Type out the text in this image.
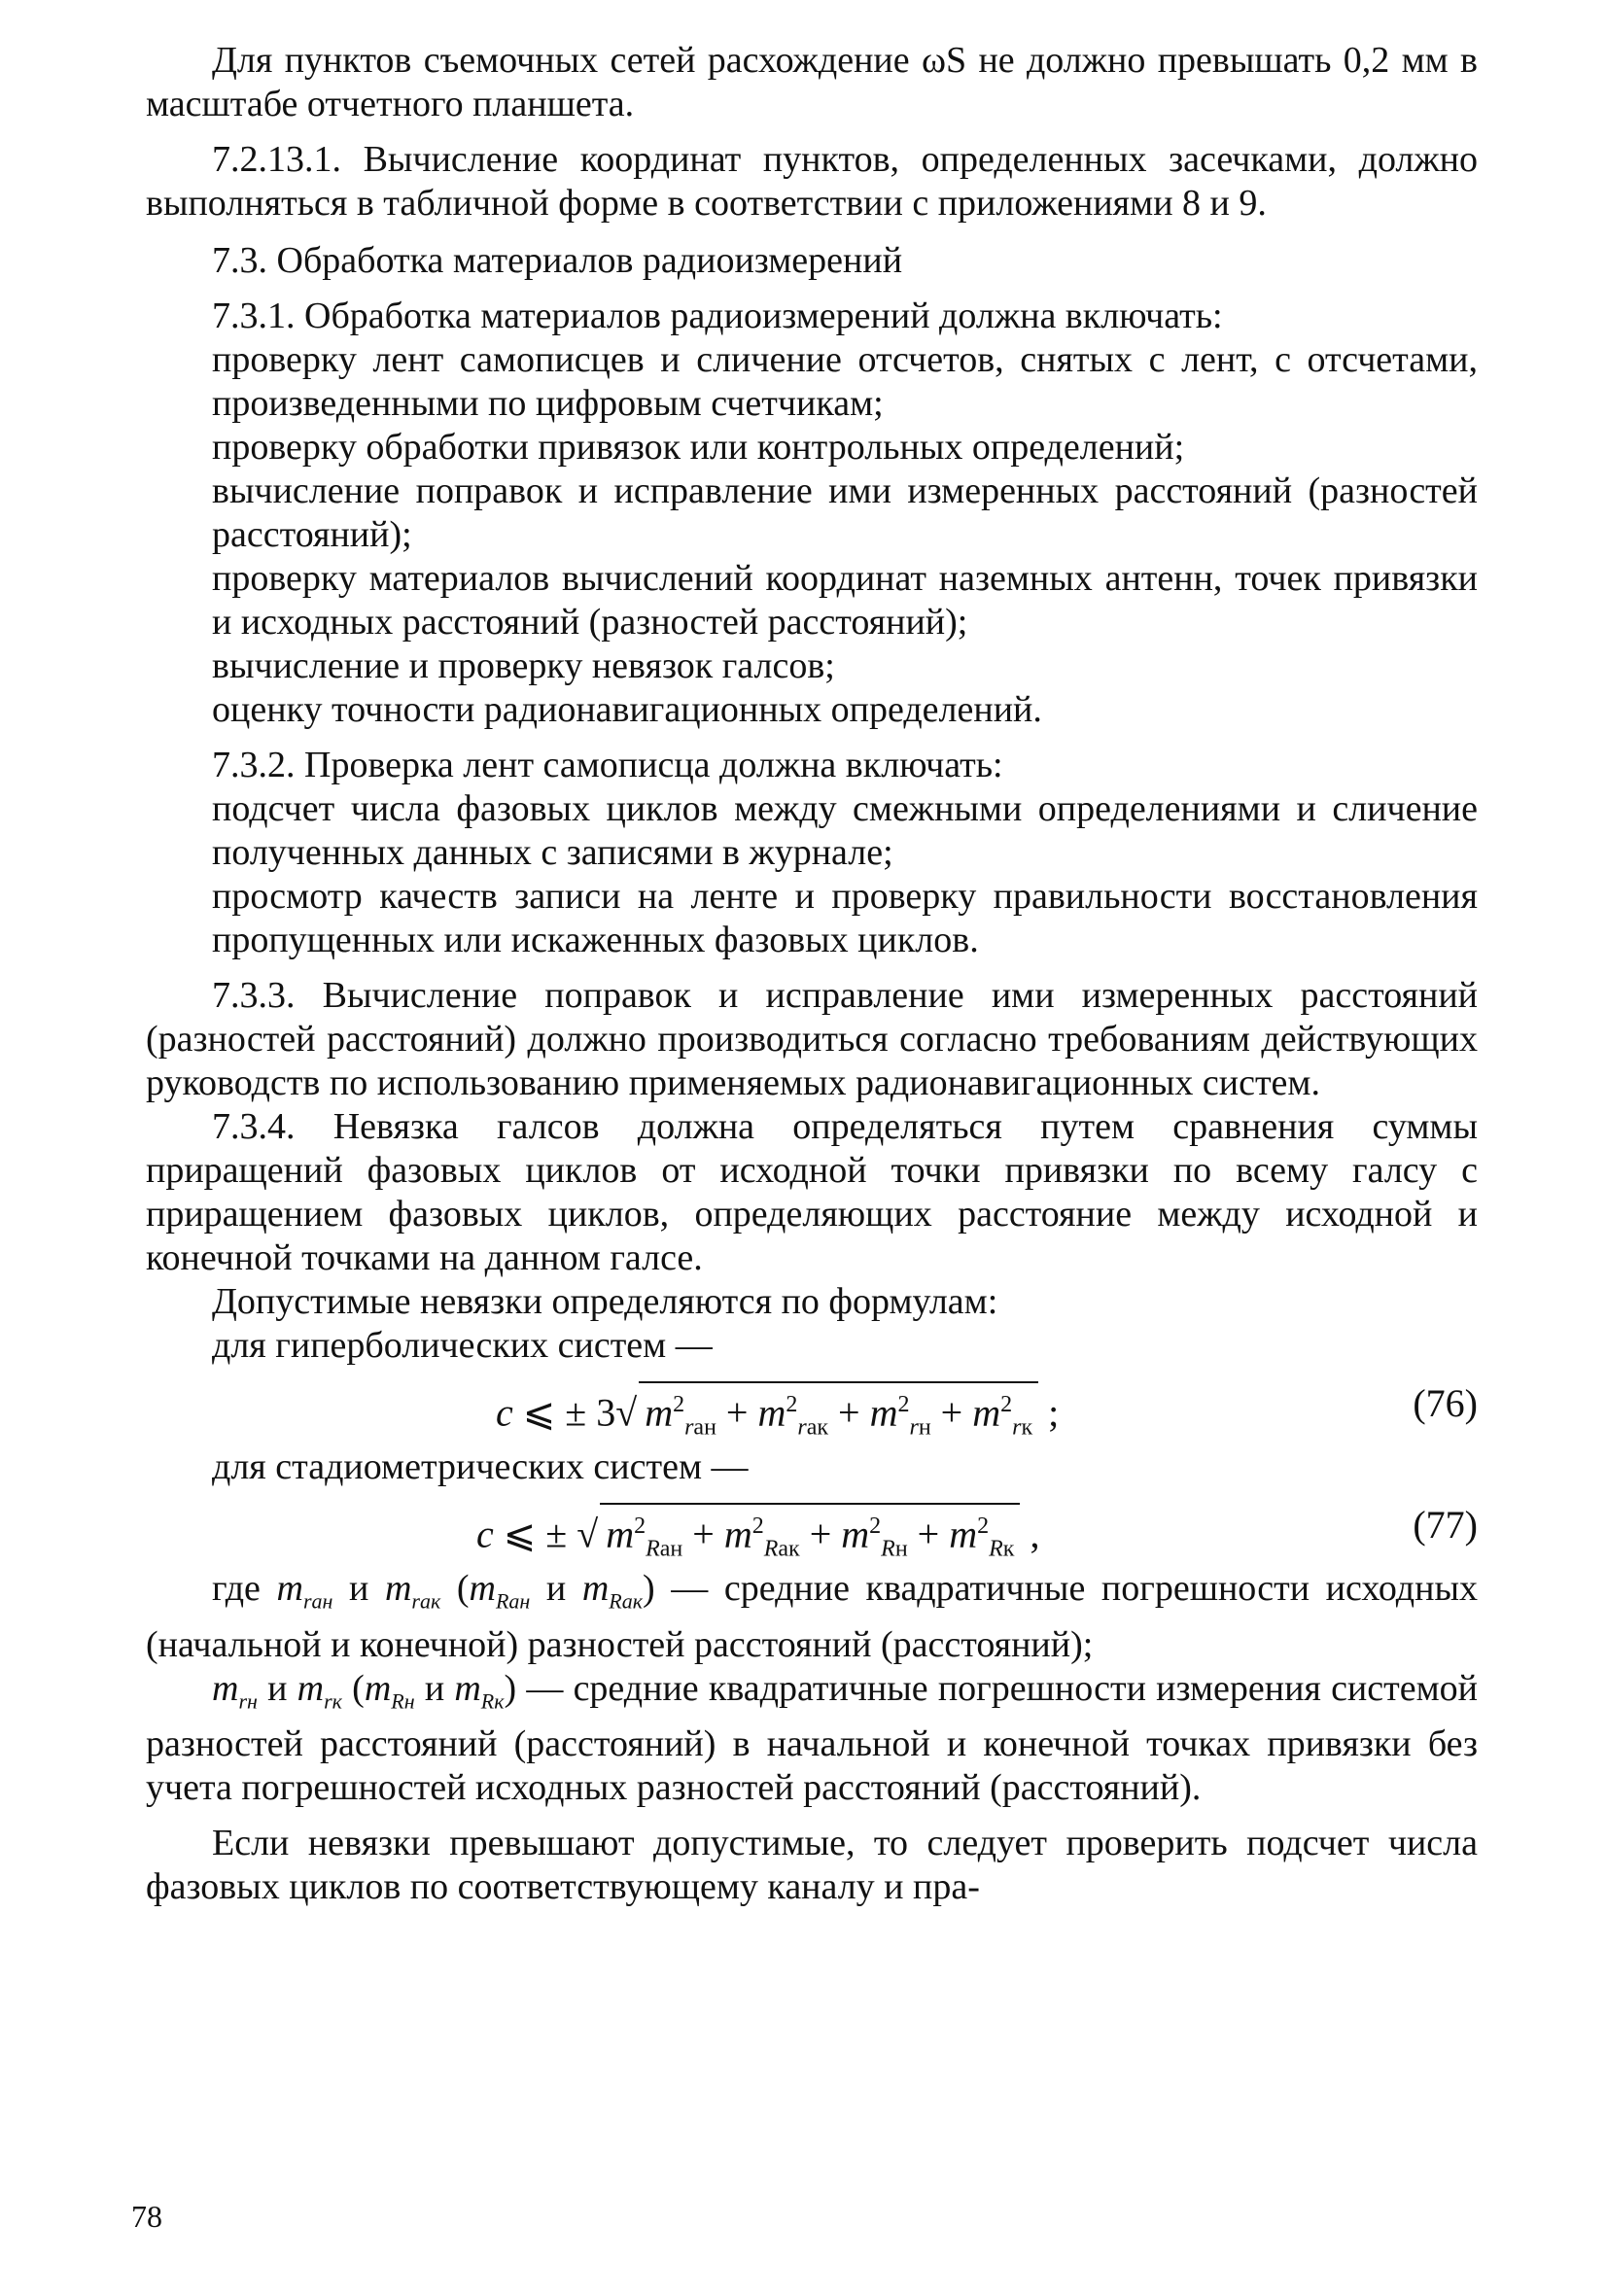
Для пунктов съемочных сетей расхождение ωS не должно превышать 0,2 мм в масштабе отчетного планшета.

7.2.13.1. Вычисление координат пунктов, определенных засечками, должно выполняться в табличной форме в соответствии с приложениями 8 и 9.

7.3. Обработка материалов радиоизмерений

7.3.1. Обработка материалов радиоизмерений должна включать:

проверку лент самописцев и сличение отсчетов, снятых с лент, с отсчетами, произведенными по цифровым счетчикам;

проверку обработки привязок или контрольных определений;

вычисление поправок и исправление ими измеренных расстояний (разностей расстояний);

проверку материалов вычислений координат наземных антенн, точек привязки и исходных расстояний (разностей расстояний);

вычисление и проверку невязок галсов;

оценку точности радионавигационных определений.

7.3.2. Проверка лент самописца должна включать:

подсчет числа фазовых циклов между смежными определениями и сличение полученных данных с записями в журнале;

просмотр качеств записи на ленте и проверку правильности восстановления пропущенных или искаженных фазовых циклов.

7.3.3. Вычисление поправок и исправление ими измеренных расстояний (разностей расстояний) должно производиться согласно требованиям действующих руководств по использованию применяемых радионавигационных систем.

7.3.4. Невязка галсов должна определяться путем сравнения суммы приращений фазовых циклов от исходной точки привязки по всему галсу с приращением фазовых циклов, определяющих расстояние между исходной и конечной точками на данном галсе.

Допустимые невязки определяются по формулам:

для гиперболических систем —

c ⩽ ± 3√ $m^2_{rан} + m^2_{rак} + m^2_{rн} + m^2_{rк}$ ;	(76)

для стадиометрических систем —

c ⩽ ± √ $m^2_{Rан} + m^2_{Rак} + m^2_{Rн} + m^2_{Rк}$ ,	(77)

где $m_{rан}$ и $m_{rак}$ ($m_{Rан}$ и $m_{Rак}$) — средние квадратичные погрешности исходных (начальной и конечной) разностей расстояний (расстояний);

$m_{rн}$ и $m_{rк}$ ($m_{Rн}$ и $m_{Rк}$) — средние квадратичные погрешности измерения системой разностей расстояний (расстояний) в начальной и конечной точках привязки без учета погрешностей исходных разностей расстояний (расстояний).

Если невязки превышают допустимые, то следует проверить подсчет числа фазовых циклов по соответствующему каналу и пра-

78
